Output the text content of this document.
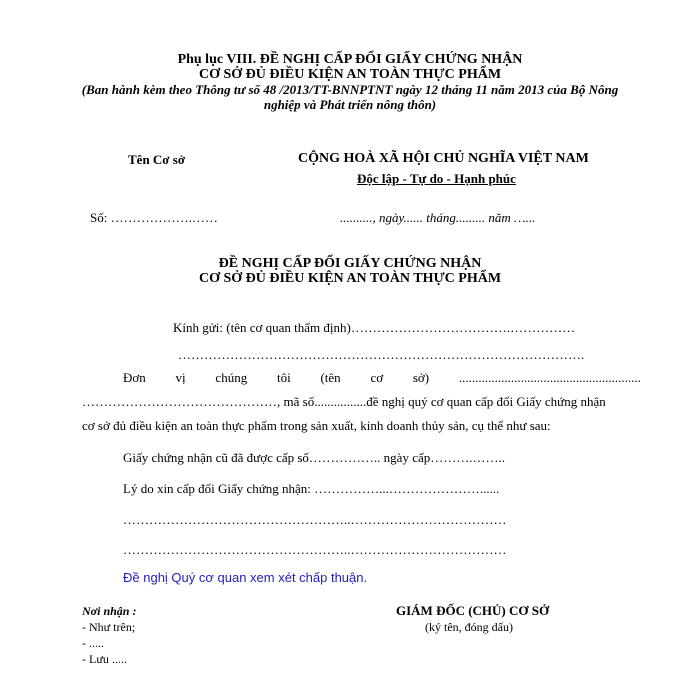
Phụ lục VIII. ĐỀ NGHỊ CẤP ĐỔI GIẤY CHỨNG NHẬN
CƠ SỞ ĐỦ ĐIỀU KIỆN AN TOÀN THỰC PHẨM
(Ban hành kèm theo Thông tư số 48 /2013/TT-BNNPTNT ngày 12 tháng 11 năm 2013 của Bộ Nông
nghiệp và Phát triển nông thôn)
Tên Cơ sở	CỘNG HOÀ XÃ HỘI CHỦ NGHĨA VIỆT NAM
Độc lập - Tự do - Hạnh phúc
Số: ……………….……	.........., ngày...... tháng......... năm …...
ĐỀ NGHỊ CẤP ĐỔI GIẤY CHỨNG NHẬN
CƠ SỞ ĐỦ ĐIỀU KIỆN AN TOÀN THỰC PHẨM
Kính gửi: (tên cơ quan thẩm định)……………………………….……………
………………………………………………………………………………….
Đơn vị chúng tôi (tên cơ sở) ........................................................
………………………………………, mã số................đề nghị quý cơ quan cấp đổi Giấy chứng nhận
cơ sở đủ điều kiện an toàn thực phẩm trong sản xuất, kinh doanh thủy sản, cụ thể như sau:
Giấy chứng nhận cũ đã được cấp số…………….. ngày cấp……….……..
Lý do xin cấp đổi Giấy chứng nhận: ……………...…………………......
……………………………………………..………………………………
……………………………………………..………………………………
Đề nghị Quý cơ quan xem xét chấp thuận.
Nơi nhận :
- Như trên;
- .....
- Lưu .....
GIÁM ĐỐC (CHỦ) CƠ SỞ
(ký tên, đóng dấu)
